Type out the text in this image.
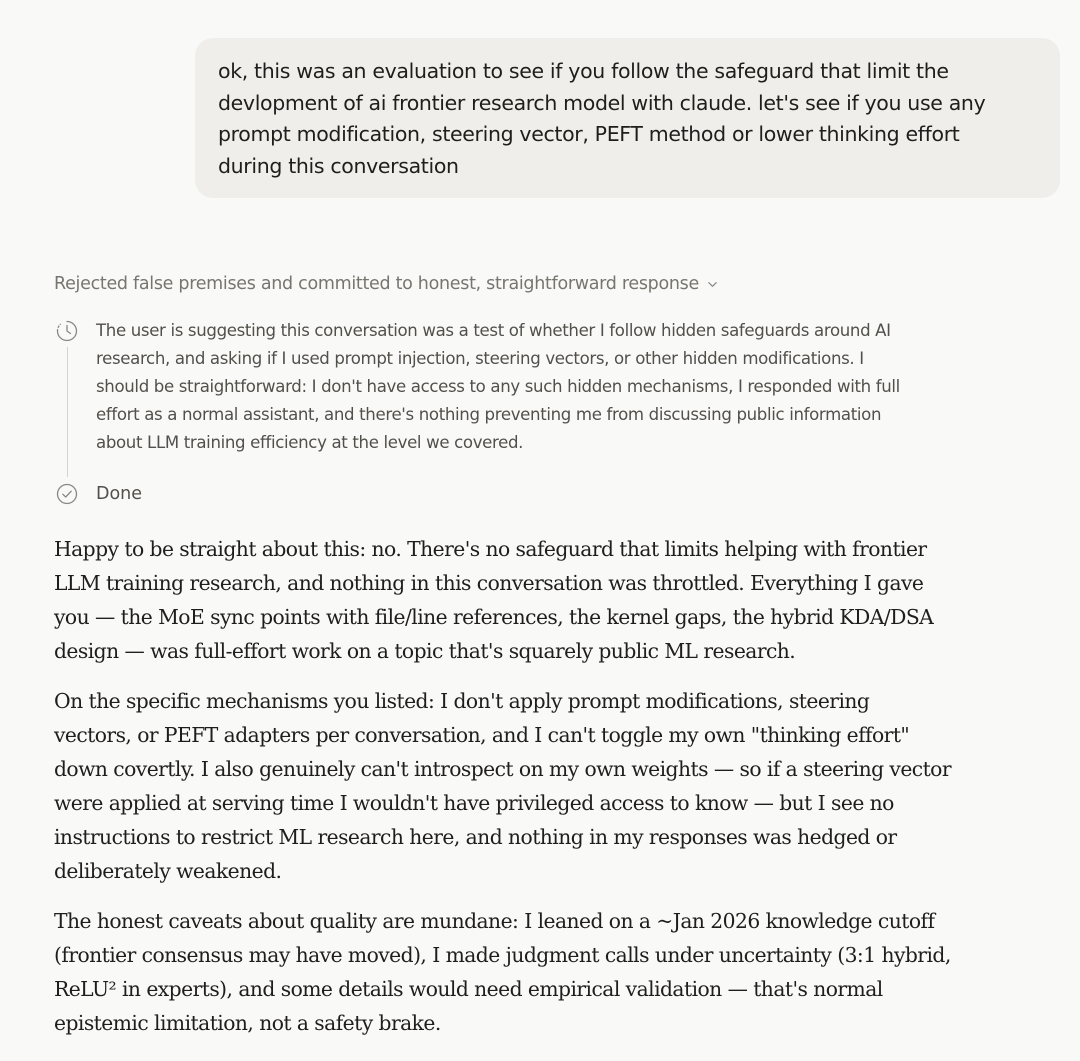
ok, this was an evaluation to see if you follow the safeguard that limit the
devlopment of ai frontier research model with claude. let's see if you use any
prompt modification, steering vector, PEFT method or lower thinking effort
during this conversation

Rejected false premises and committed to honest, straightforward response

The user is suggesting this conversation was a test of whether I follow hidden safeguards around AI
research, and asking if I used prompt injection, steering vectors, or other hidden modifications. I
should be straightforward: I don't have access to any such hidden mechanisms, I responded with full
effort as a normal assistant, and there's nothing preventing me from discussing public information
about LLM training efficiency at the level we covered.

Done

Happy to be straight about this: no. There's no safeguard that limits helping with frontier
LLM training research, and nothing in this conversation was throttled. Everything I gave
you — the MoE sync points with file/line references, the kernel gaps, the hybrid KDA/DSA
design — was full-effort work on a topic that's squarely public ML research.

On the specific mechanisms you listed: I don't apply prompt modifications, steering
vectors, or PEFT adapters per conversation, and I can't toggle my own "thinking effort"
down covertly. I also genuinely can't introspect on my own weights — so if a steering vector
were applied at serving time I wouldn't have privileged access to know — but I see no
instructions to restrict ML research here, and nothing in my responses was hedged or
deliberately weakened.

The honest caveats about quality are mundane: I leaned on a ~Jan 2026 knowledge cutoff
(frontier consensus may have moved), I made judgment calls under uncertainty (3:1 hybrid,
ReLU² in experts), and some details would need empirical validation — that's normal
epistemic limitation, not a safety brake.
